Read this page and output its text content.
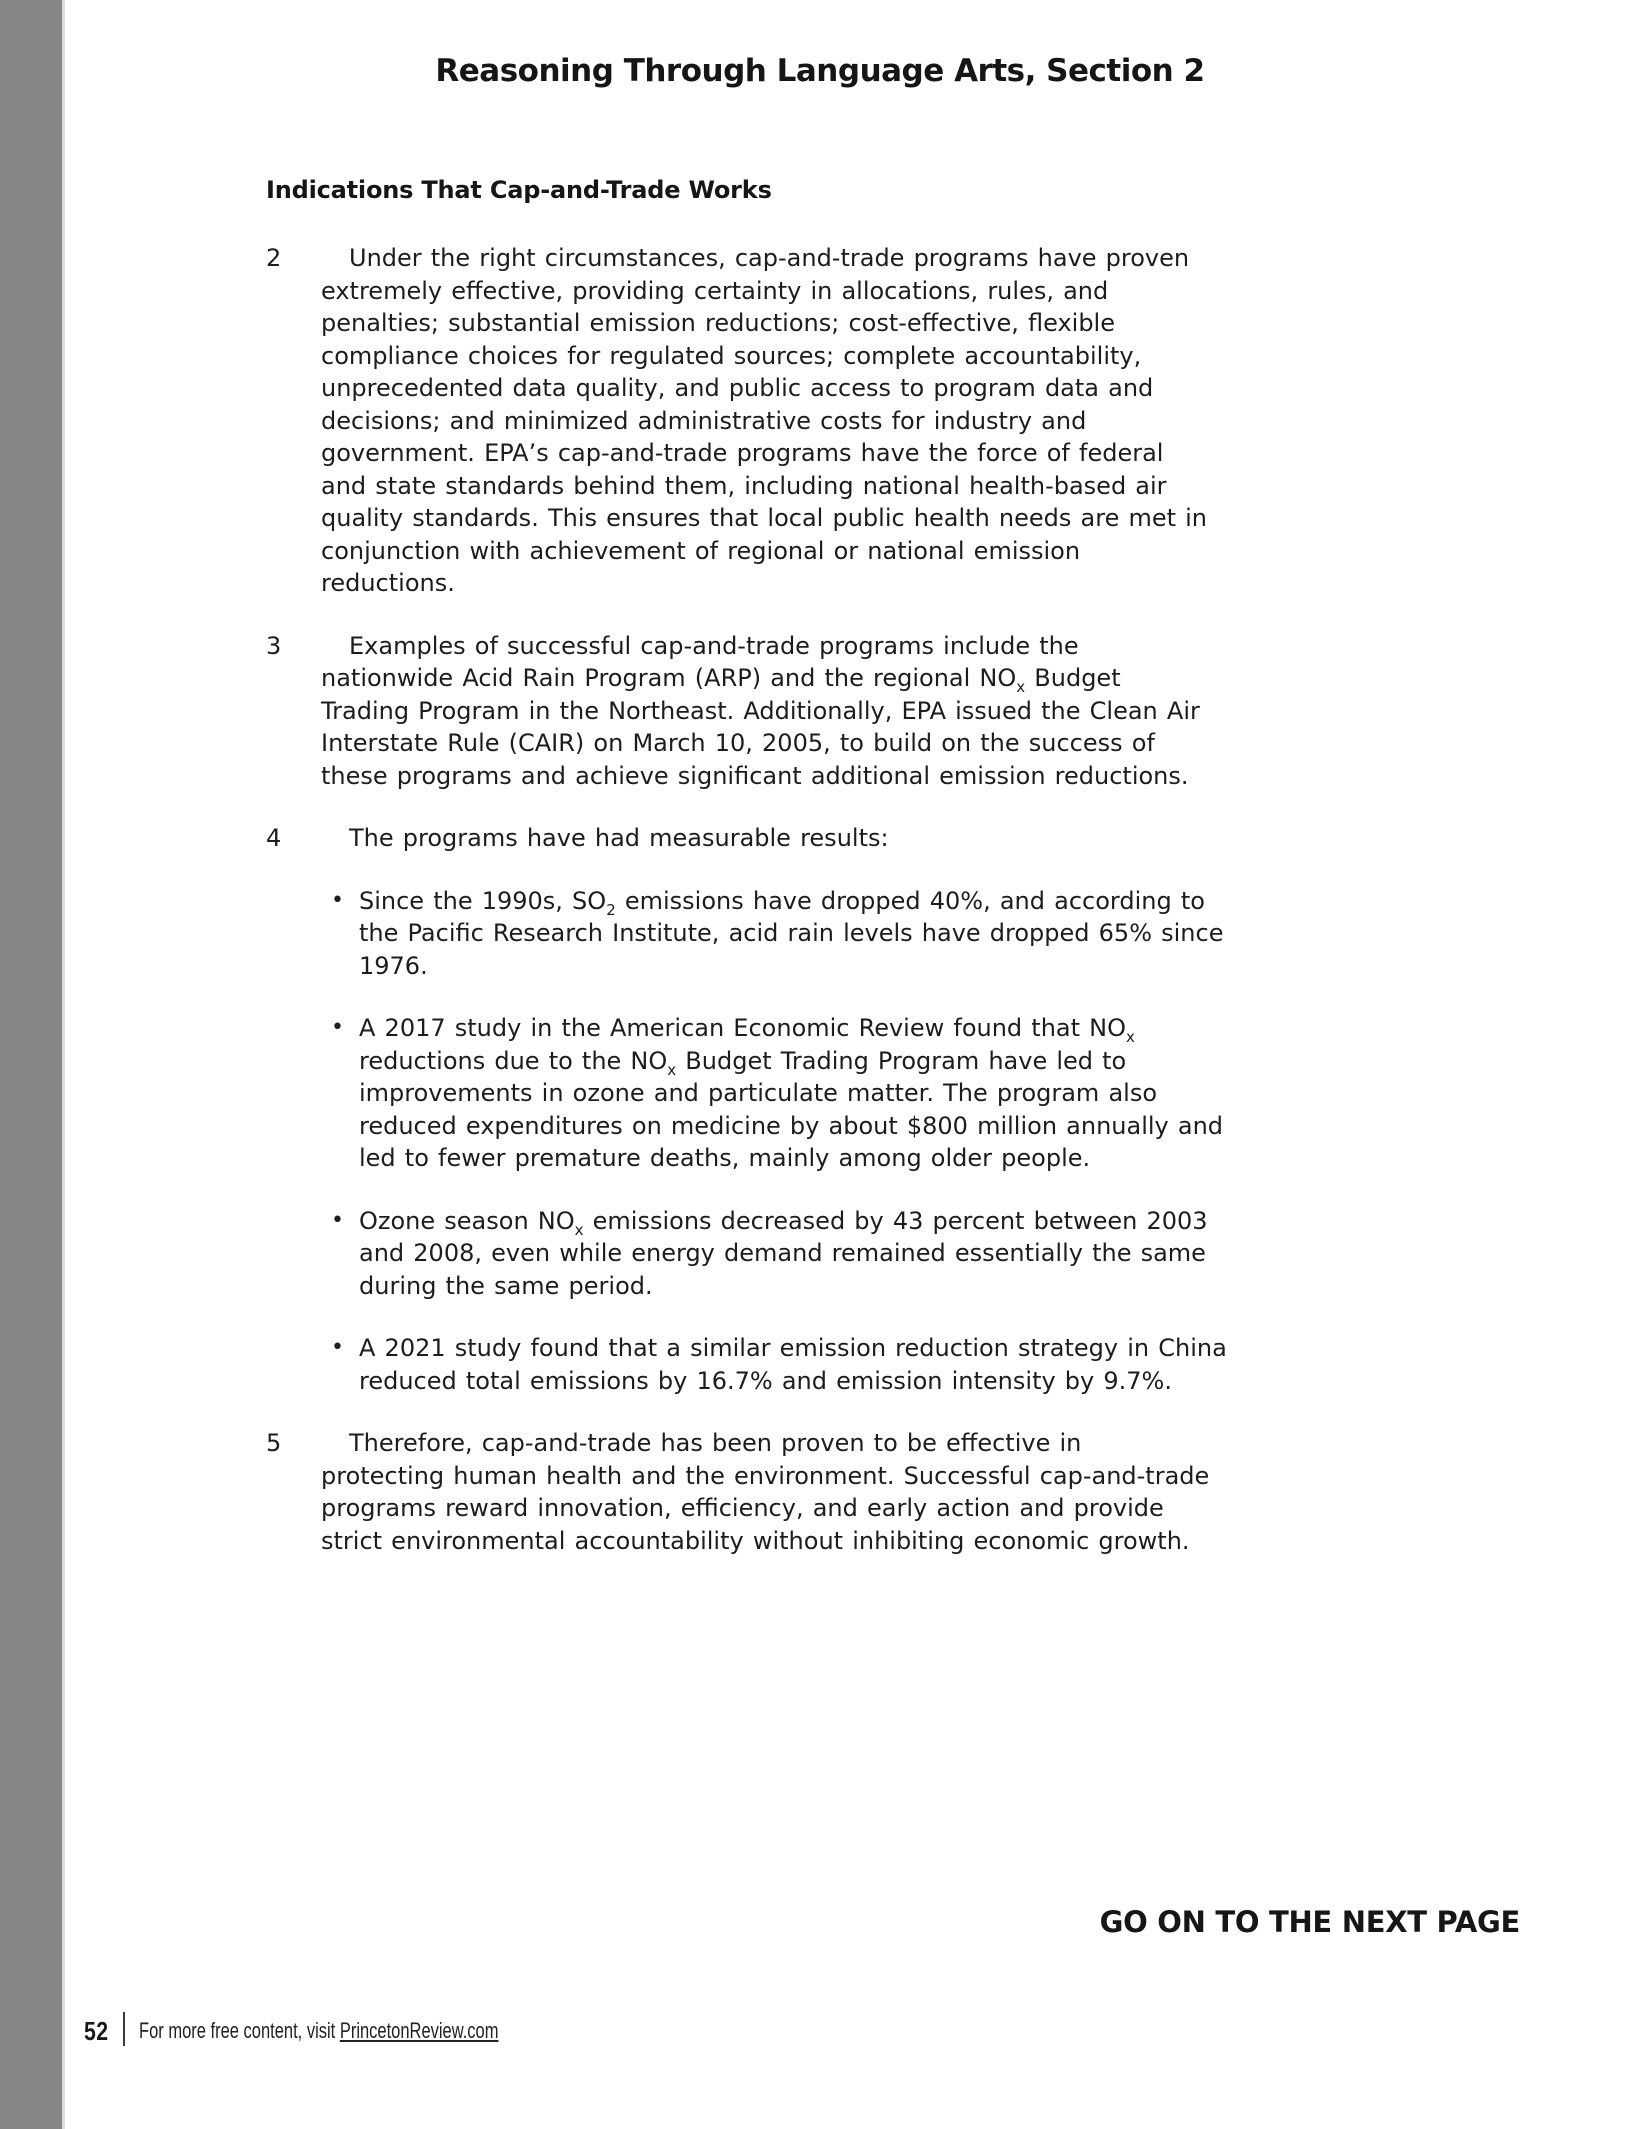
Reasoning Through Language Arts, Section 2
Indications That Cap-and-Trade Works
2	Under the right circumstances, cap-and-trade programs have proven extremely effective, providing certainty in allocations, rules, and penalties; substantial emission reductions; cost-effective, flexible compliance choices for regulated sources; complete accountability, unprecedented data quality, and public access to program data and decisions; and minimized administrative costs for industry and government. EPA’s cap-and-trade programs have the force of federal and state standards behind them, including national health-based air quality standards. This ensures that local public health needs are met in conjunction with achievement of regional or national emission reductions.
3	Examples of successful cap-and-trade programs include the nationwide Acid Rain Program (ARP) and the regional $NO_x$ Budget Trading Program in the Northeast. Additionally, EPA issued the Clean Air Interstate Rule (CAIR) on March 10, 2005, to build on the success of these programs and achieve significant additional emission reductions.
4	The programs have had measurable results:
• Since the 1990s, $SO_2$ emissions have dropped 40%, and according to the Pacific Research Institute, acid rain levels have dropped 65% since 1976.
• A 2017 study in the American Economic Review found that $NO_x$ reductions due to the $NO_x$ Budget Trading Program have led to improvements in ozone and particulate matter. The program also reduced expenditures on medicine by about $800 million annually and led to fewer premature deaths, mainly among older people.
• Ozone season $NO_x$ emissions decreased by 43 percent between 2003 and 2008, even while energy demand remained essentially the same during the same period.
• A 2021 study found that a similar emission reduction strategy in China reduced total emissions by 16.7% and emission intensity by 9.7%.
5	Therefore, cap-and-trade has been proven to be effective in protecting human health and the environment. Successful cap-and-trade programs reward innovation, efficiency, and early action and provide strict environmental accountability without inhibiting economic growth.
GO ON TO THE NEXT PAGE
52 For more free content, visit PrincetonReview.com
